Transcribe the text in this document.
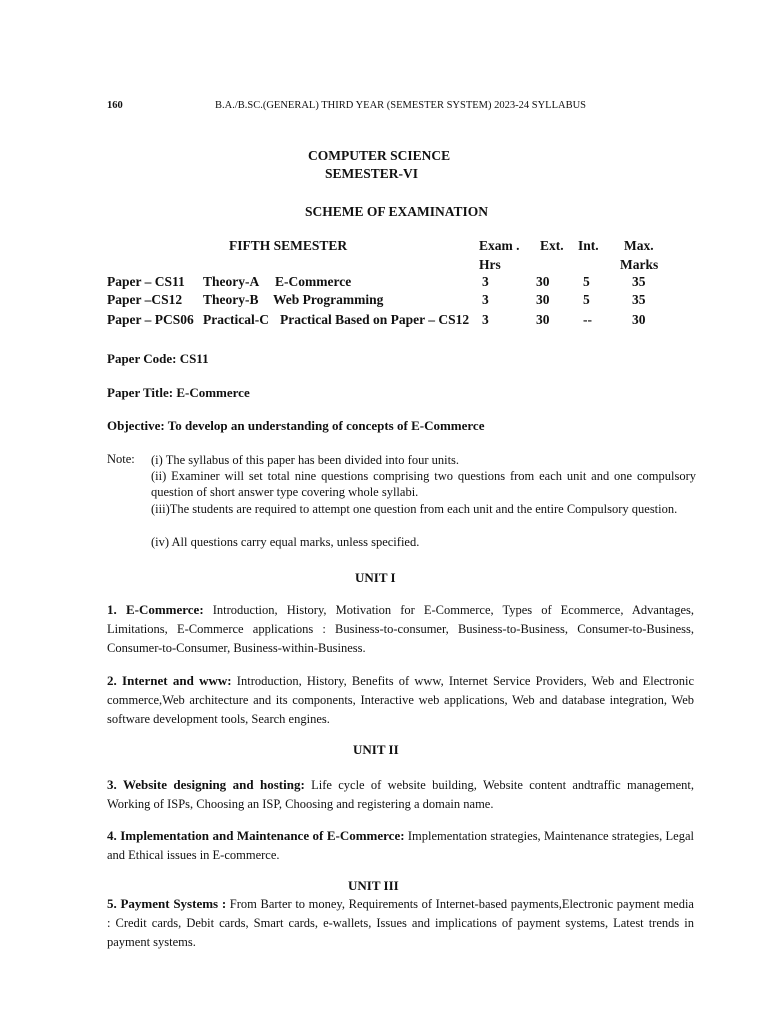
160	B.A./B.SC.(GENERAL) THIRD YEAR (SEMESTER SYSTEM) 2023-24 SYLLABUS
COMPUTER SCIENCE
SEMESTER-VI
SCHEME OF EXAMINATION
FIFTH SEMESTER	Exam .
Hrs
Ext. Int. Max.
Marks
Paper – CS11 Theory-A E-Commerce	3	30 5	35
Paper –CS12 Theory-B Web Programming	3	30 5	35
Paper – PCS06 Practical-C Practical Based on Paper – CS12 3	30 --	30
Paper Code: CS11
Paper Title: E-Commerce
Objective: To develop an understanding of concepts of E-Commerce
Note: (i) The syllabus of this paper has been divided into four units.
(ii) Examiner will set total nine questions comprising two questions from each unit and one compulsory question of short answer type covering whole syllabi.
(iii)The students are required to attempt one question from each unit and the entire Compulsory question.
(iv) All questions carry equal marks, unless specified.
UNIT I
1. E-Commerce: Introduction, History, Motivation for E-Commerce, Types of Ecommerce, Advantages, Limitations, E-Commerce applications : Business-to-consumer, Business-to-Business, Consumer-to-Business, Consumer-to-Consumer, Business-within-Business.
2. Internet and www: Introduction, History, Benefits of www, Internet Service Providers, Web and Electronic commerce,Web architecture and its components, Interactive web applications, Web and database integration, Web software development tools, Search engines.
UNIT II
3. Website designing and hosting: Life cycle of website building, Website content andtraffic management, Working of ISPs, Choosing an ISP, Choosing and registering a domain name.
4. Implementation and Maintenance of E-Commerce: Implementation strategies, Maintenance strategies, Legal and Ethical issues in E-commerce.
UNIT III
5. Payment Systems : From Barter to money, Requirements of Internet-based payments,Electronic payment media : Credit cards, Debit cards, Smart cards, e-wallets, Issues and implications of payment systems, Latest trends in payment systems.
